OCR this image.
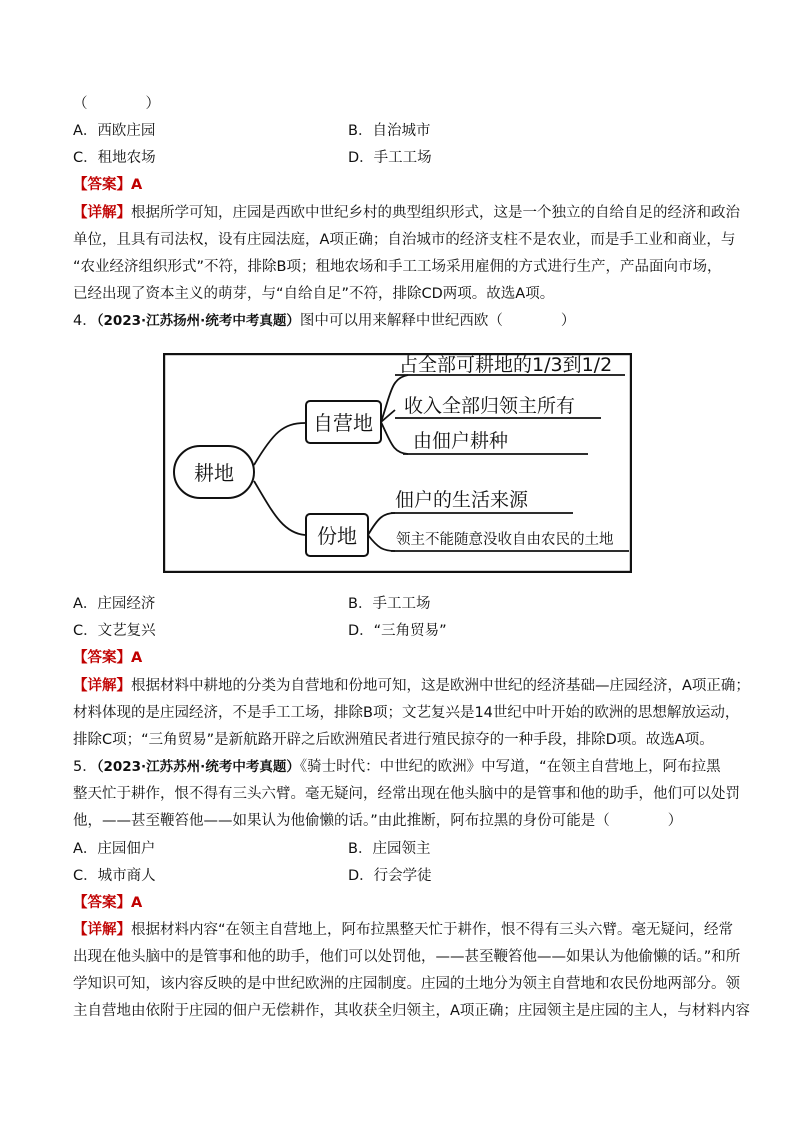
（　　　　）
A．西欧庄园	B．自治城市
C．租地农场	D．手工工场
【答案】A
【详解】根据所学可知，庄园是西欧中世纪乡村的典型组织形式，这是一个独立的自给自足的经济和政治
单位，且具有司法权，设有庄园法庭，A项正确；自治城市的经济支柱不是农业，而是手工业和商业，与
“农业经济组织形式”不符，排除B项；租地农场和手工工场采用雇佣的方式进行生产，产品面向市场，
已经出现了资本主义的萌芽，与“自给自足”不符，排除CD两项。故选A项。
4．（2023·江苏扬州·统考中考真题）图中可以用来解释中世纪西欧（　　　　）
耕地
自营地
占全部可耕地的1/3到1/2
收入全部归领主所有
由佃户耕种
份地
佃户的生活来源
领主不能随意没收自由农民的土地
A．庄园经济	B．手工工场
C．文艺复兴	D．“三角贸易”
【答案】A
【详解】根据材料中耕地的分类为自营地和份地可知，这是欧洲中世纪的经济基础—庄园经济，A项正确；
材料体现的是庄园经济，不是手工工场，排除B项；文艺复兴是14世纪中叶开始的欧洲的思想解放运动，
排除C项；“三角贸易”是新航路开辟之后欧洲殖民者进行殖民掠夺的一种手段，排除D项。故选A项。
5．（2023·江苏苏州·统考中考真题）《骑士时代：中世纪的欧洲》中写道，“在领主自营地上，阿布拉黑
整天忙于耕作，恨不得有三头六臂。毫无疑问，经常出现在他头脑中的是管事和他的助手，他们可以处罚
他，——甚至鞭笞他——如果认为他偷懒的话。”由此推断，阿布拉黑的身份可能是（　　　　）
A．庄园佃户	B．庄园领主
C．城市商人	D．行会学徒
【答案】A
【详解】根据材料内容“在领主自营地上，阿布拉黑整天忙于耕作，恨不得有三头六臂。毫无疑问，经常
出现在他头脑中的是管事和他的助手，他们可以处罚他，——甚至鞭笞他——如果认为他偷懒的话。”和所
学知识可知，该内容反映的是中世纪欧洲的庄园制度。庄园的土地分为领主自营地和农民份地两部分。领
主自营地由依附于庄园的佃户无偿耕作，其收获全归领主，A项正确；庄园领主是庄园的主人，与材料内容
